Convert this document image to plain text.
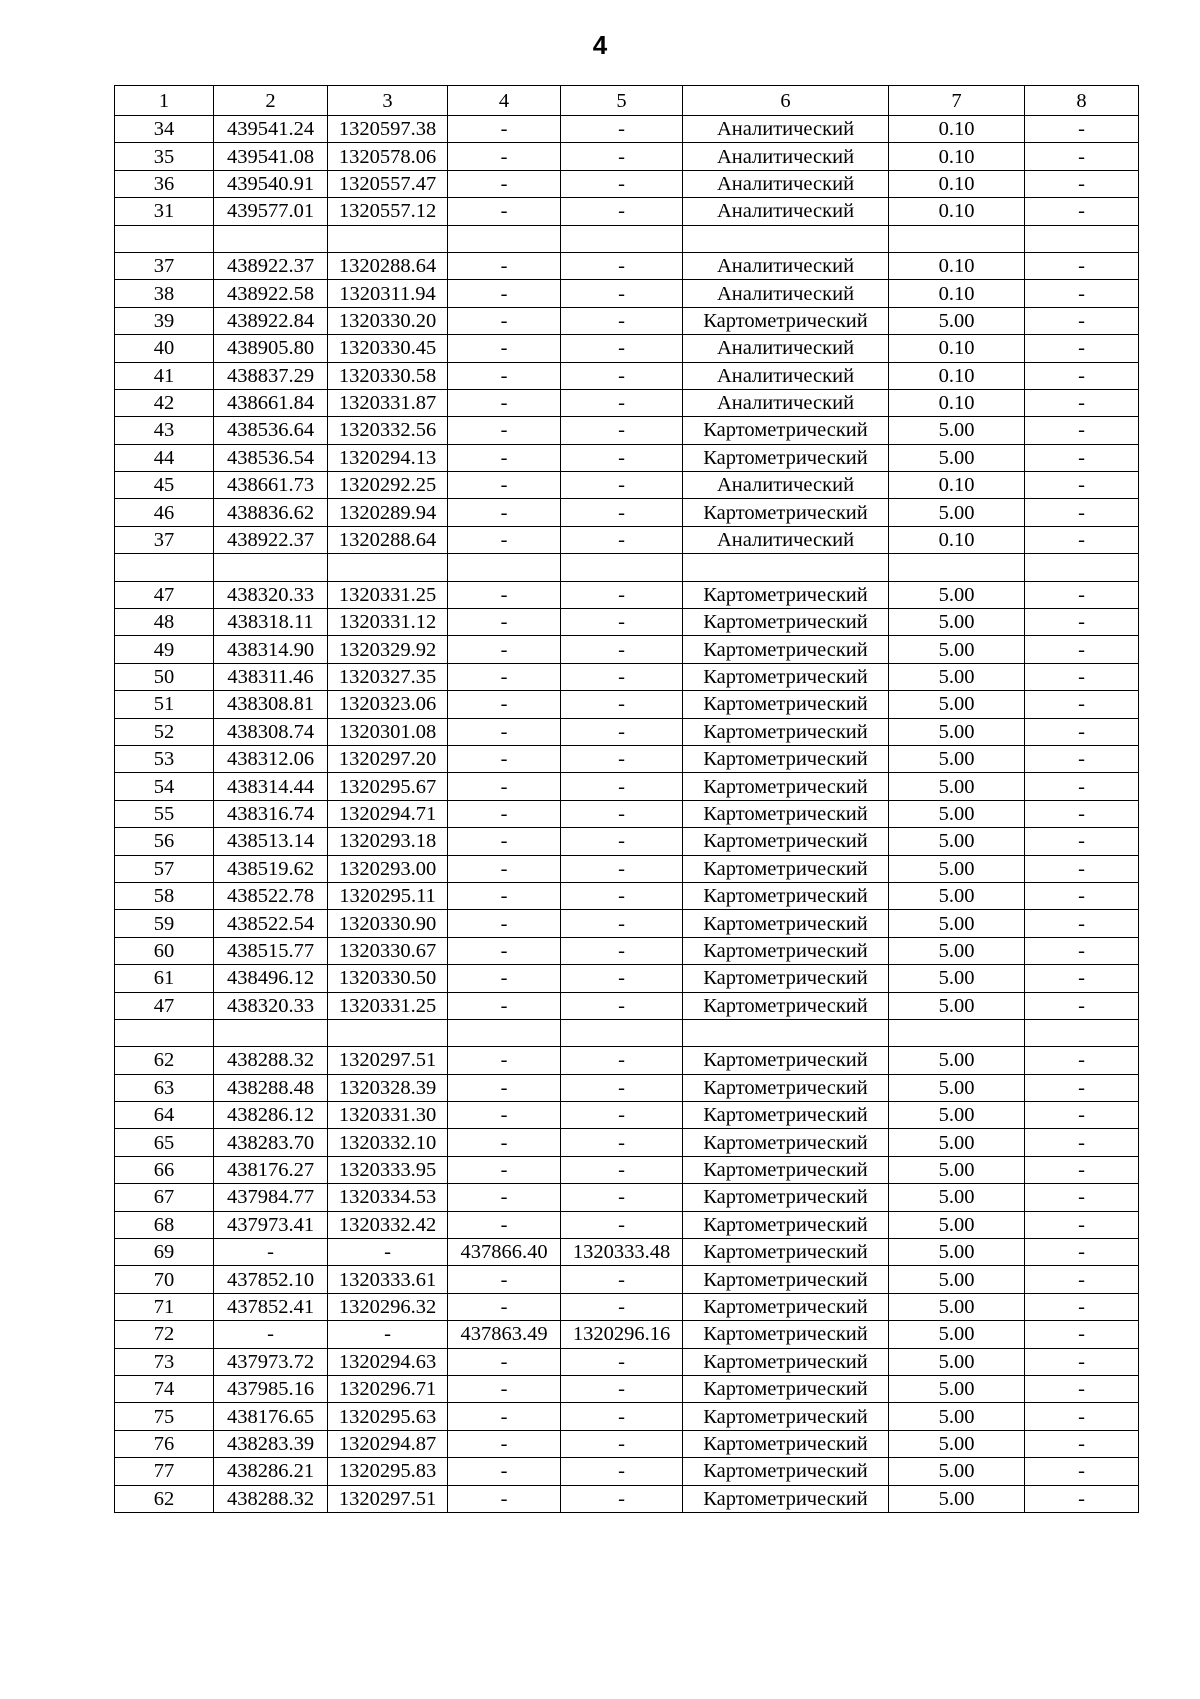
4
1	2	3	4	5	6	7	8
34	439541.24	1320597.38	-	-	Аналитический	0.10	-
35	439541.08	1320578.06	-	-	Аналитический	0.10	-
36	439540.91	1320557.47	-	-	Аналитический	0.10	-
31	439577.01	1320557.12	-	-	Аналитический	0.10	-

37	438922.37	1320288.64	-	-	Аналитический	0.10	-
38	438922.58	1320311.94	-	-	Аналитический	0.10	-
39	438922.84	1320330.20	-	-	Картометрический	5.00	-
40	438905.80	1320330.45	-	-	Аналитический	0.10	-
41	438837.29	1320330.58	-	-	Аналитический	0.10	-
42	438661.84	1320331.87	-	-	Аналитический	0.10	-
43	438536.64	1320332.56	-	-	Картометрический	5.00	-
44	438536.54	1320294.13	-	-	Картометрический	5.00	-
45	438661.73	1320292.25	-	-	Аналитический	0.10	-
46	438836.62	1320289.94	-	-	Картометрический	5.00	-
37	438922.37	1320288.64	-	-	Аналитический	0.10	-

47	438320.33	1320331.25	-	-	Картометрический	5.00	-
48	438318.11	1320331.12	-	-	Картометрический	5.00	-
49	438314.90	1320329.92	-	-	Картометрический	5.00	-
50	438311.46	1320327.35	-	-	Картометрический	5.00	-
51	438308.81	1320323.06	-	-	Картометрический	5.00	-
52	438308.74	1320301.08	-	-	Картометрический	5.00	-
53	438312.06	1320297.20	-	-	Картометрический	5.00	-
54	438314.44	1320295.67	-	-	Картометрический	5.00	-
55	438316.74	1320294.71	-	-	Картометрический	5.00	-
56	438513.14	1320293.18	-	-	Картометрический	5.00	-
57	438519.62	1320293.00	-	-	Картометрический	5.00	-
58	438522.78	1320295.11	-	-	Картометрический	5.00	-
59	438522.54	1320330.90	-	-	Картометрический	5.00	-
60	438515.77	1320330.67	-	-	Картометрический	5.00	-
61	438496.12	1320330.50	-	-	Картометрический	5.00	-
47	438320.33	1320331.25	-	-	Картометрический	5.00	-

62	438288.32	1320297.51	-	-	Картометрический	5.00	-
63	438288.48	1320328.39	-	-	Картометрический	5.00	-
64	438286.12	1320331.30	-	-	Картометрический	5.00	-
65	438283.70	1320332.10	-	-	Картометрический	5.00	-
66	438176.27	1320333.95	-	-	Картометрический	5.00	-
67	437984.77	1320334.53	-	-	Картометрический	5.00	-
68	437973.41	1320332.42	-	-	Картометрический	5.00	-
69	-	-	437866.40	1320333.48	Картометрический	5.00	-
70	437852.10	1320333.61	-	-	Картометрический	5.00	-
71	437852.41	1320296.32	-	-	Картометрический	5.00	-
72	-	-	437863.49	1320296.16	Картометрический	5.00	-
73	437973.72	1320294.63	-	-	Картометрический	5.00	-
74	437985.16	1320296.71	-	-	Картометрический	5.00	-
75	438176.65	1320295.63	-	-	Картометрический	5.00	-
76	438283.39	1320294.87	-	-	Картометрический	5.00	-
77	438286.21	1320295.83	-	-	Картометрический	5.00	-
62	438288.32	1320297.51	-	-	Картометрический	5.00	-
